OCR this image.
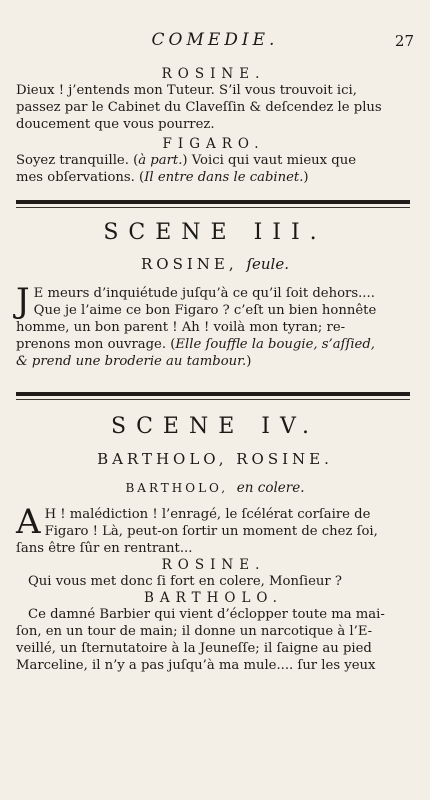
COMEDIE.	27

ROSINE.

Dieux ! j’entends mon Tuteur. S’il vous trouvoit ici,

passez par le Cabinet du Claveſſin & deſcendez le plus

doucement que vous pourrez.

FIGARO.

Soyez tranquille. (à part.) Voici qui vaut mieux que

mes obſervations. (Il entre dans le cabinet.)

SCENE III.
ROSINE, ſeule.
J E meurs d’inquiétude juſqu’à ce qu’il ſoit dehors....

Que je l’aime ce bon Figaro ? c’eſt un bien honnête

homme, un bon parent ! Ah ! voilà mon tyran; re-

prenons mon ouvrage. (Elle ſouffle la bougie, s’aſſied,

& prend une broderie au tambour.)

SCENE IV.
BARTHOLO, ROSINE.
BARTHOLO, en colere.
A H ! malédiction ! l’enragé, le ſcélérat corſaire de

Figaro ! Là, peut-on ſortir un moment de chez ſoi,

ſans être ſûr en rentrant...

ROSINE.

Qui vous met donc ſi fort en colere, Monſieur ?

BARTHOLO.

Ce damné Barbier qui vient d’éclopper toute ma mai-

ſon, en un tour de main; il donne un narcotique à l’E-

veillé, un ſternutatoire à la Jeuneſſe; il ſaigne au pied

Marceline, il n’y a pas juſqu’à ma mule.... ſur les yeux
